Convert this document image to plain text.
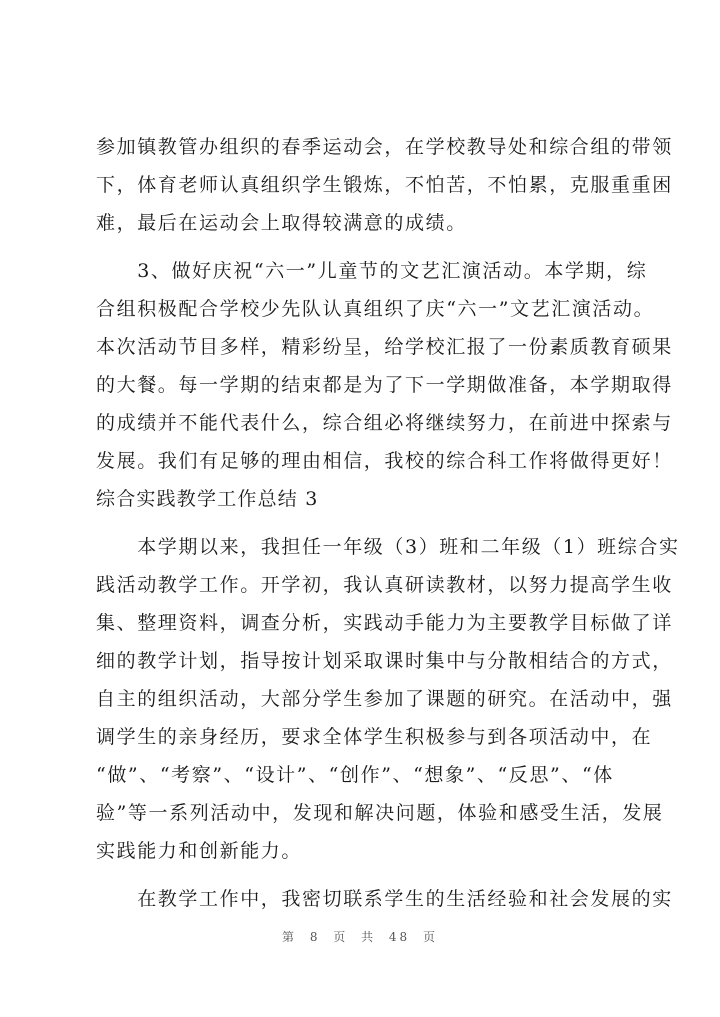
参加镇教管办组织的春季运动会，在学校教导处和综合组的带领
下，体育老师认真组织学生锻炼，不怕苦，不怕累，克服重重困
难，最后在运动会上取得较满意的成绩。
　　3、做好庆祝“六一”儿童节的文艺汇演活动。本学期，综
合组积极配合学校少先队认真组织了庆“六一”文艺汇演活动。
本次活动节目多样，精彩纷呈，给学校汇报了一份素质教育硕果
的大餐。每一学期的结束都是为了下一学期做准备，本学期取得
的成绩并不能代表什么，综合组必将继续努力，在前进中探索与
发展。我们有足够的理由相信，我校的综合科工作将做得更好！
综合实践教学工作总结 3
　　本学期以来，我担任一年级（3）班和二年级（1）班综合实
践活动教学工作。开学初，我认真研读教材，以努力提高学生收
集、整理资料，调查分析，实践动手能力为主要教学目标做了详
细的教学计划，指导按计划采取课时集中与分散相结合的方式，
自主的组织活动，大部分学生参加了课题的研究。在活动中，强
调学生的亲身经历，要求全体学生积极参与到各项活动中，在
“做”、“考察”、“设计”、“创作”、“想象”、“反思”、“体
验”等一系列活动中，发现和解决问题，体验和感受生活，发展
实践能力和创新能力。
　　在教学工作中，我密切联系学生的生活经验和社会发展的实
第 8 页 共 48 页
